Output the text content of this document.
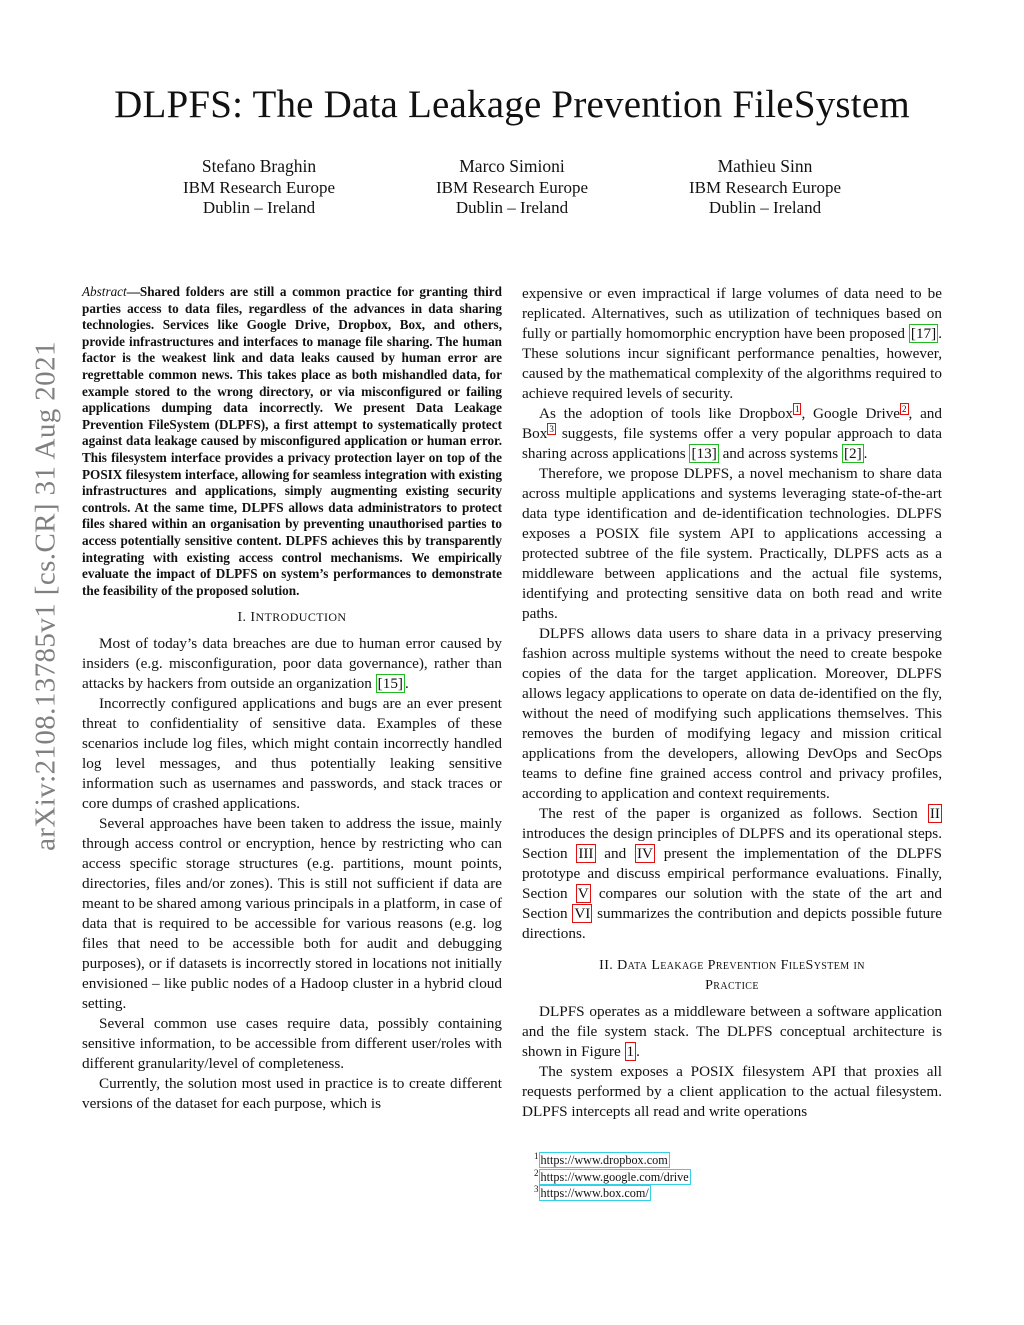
DLPFS: The Data Leakage Prevention FileSystem
Stefano Braghin
IBM Research Europe
Dublin – Ireland
Marco Simioni
IBM Research Europe
Dublin – Ireland
Mathieu Sinn
IBM Research Europe
Dublin – Ireland
arXiv:2108.13785v1 [cs.CR] 31 Aug 2021
Abstract—Shared folders are still a common practice for granting third parties access to data files, regardless of the advances in data sharing technologies. Services like Google Drive, Dropbox, Box, and others, provide infrastructures and interfaces to manage file sharing. The human factor is the weakest link and data leaks caused by human error are regrettable common news. This takes place as both mishandled data, for example stored to the wrong directory, or via misconfigured or failing applications dumping data incorrectly. We present Data Leakage Prevention FileSystem (DLPFS), a first attempt to systematically protect against data leakage caused by misconfigured application or human error. This filesystem interface provides a privacy protection layer on top of the POSIX filesystem interface, allowing for seamless integration with existing infrastructures and applications, simply augmenting existing security controls. At the same time, DLPFS allows data administrators to protect files shared within an organisation by preventing unauthorised parties to access potentially sensitive content. DLPFS achieves this by transparently integrating with existing access control mechanisms. We empirically evaluate the impact of DLPFS on system’s performances to demonstrate the feasibility of the proposed solution.
I. INTRODUCTION

Most of today’s data breaches are due to human error caused by insiders (e.g. misconfiguration, poor data governance), rather than attacks by hackers from outside an organization [15] .

Incorrectly configured applications and bugs are an ever present threat to confidentiality of sensitive data. Examples of these scenarios include log files, which might contain incorrectly handled log level messages, and thus potentially leaking sensitive information such as usernames and passwords, and stack traces or core dumps of crashed applications.

Several approaches have been taken to address the issue, mainly through access control or encryption, hence by restricting who can access specific storage structures (e.g. partitions, mount points, directories, files and/or zones). This is still not sufficient if data are meant to be shared among various principals in a platform, in case of data that is required to be accessible for various reasons (e.g. log files that need to be accessible both for audit and debugging purposes), or if datasets is incorrectly stored in locations not initially envisioned – like public nodes of a Hadoop cluster in a hybrid cloud setting.

Several common use cases require data, possibly containing sensitive information, to be accessible from different user/roles with different granularity/level of completeness.

Currently, the solution most used in practice is to create different versions of the dataset for each purpose, which is

expensive or even impractical if large volumes of data need to be replicated. Alternatives, such as utilization of techniques based on fully or partially homomorphic encryption have been proposed [17] . These solutions incur significant performance penalties, however, caused by the mathematical complexity of the algorithms required to achieve required levels of security.

As the adoption of tools like Dropbox $^1$ , Google Drive $^2$ , and Box $^3$ suggests, file systems offer a very popular approach to data sharing across applications [13] and across systems [2] .

Therefore, we propose DLPFS, a novel mechanism to share data across multiple applications and systems leveraging state-of-the-art data type identification and de-identification technologies. DLPFS exposes a POSIX file system API to applications accessing a protected subtree of the file system. Practically, DLPFS acts as a middleware between applications and the actual file systems, identifying and protecting sensitive data on both read and write paths.

DLPFS allows data users to share data in a privacy preserving fashion across multiple systems without the need to create bespoke copies of the data for the target application. Moreover, DLPFS allows legacy applications to operate on data de-identified on the fly, without the need of modifying such applications themselves. This removes the burden of modifying legacy and mission critical applications from the developers, allowing DevOps and SecOps teams to define fine grained access control and privacy profiles, according to application and context requirements.

The rest of the paper is organized as follows. Section II introduces the design principles of DLPFS and its operational steps. Section III and IV present the implementation of the DLPFS prototype and discuss empirical performance evaluations. Finally, Section V compares our solution with the state of the art and Section VI summarizes the contribution and depicts possible future directions.

II. Data Leakage Prevention FileSystem in
Practice

DLPFS operates as a middleware between a software application and the file system stack. The DLPFS conceptual architecture is shown in Figure 1 .

The system exposes a POSIX filesystem API that proxies all requests performed by a client application to the actual filesystem. DLPFS intercepts all read and write operations

$^1$ https://www.dropbox.com
$^2$ https://www.google.com/drive
$^3$ https://www.box.com/
